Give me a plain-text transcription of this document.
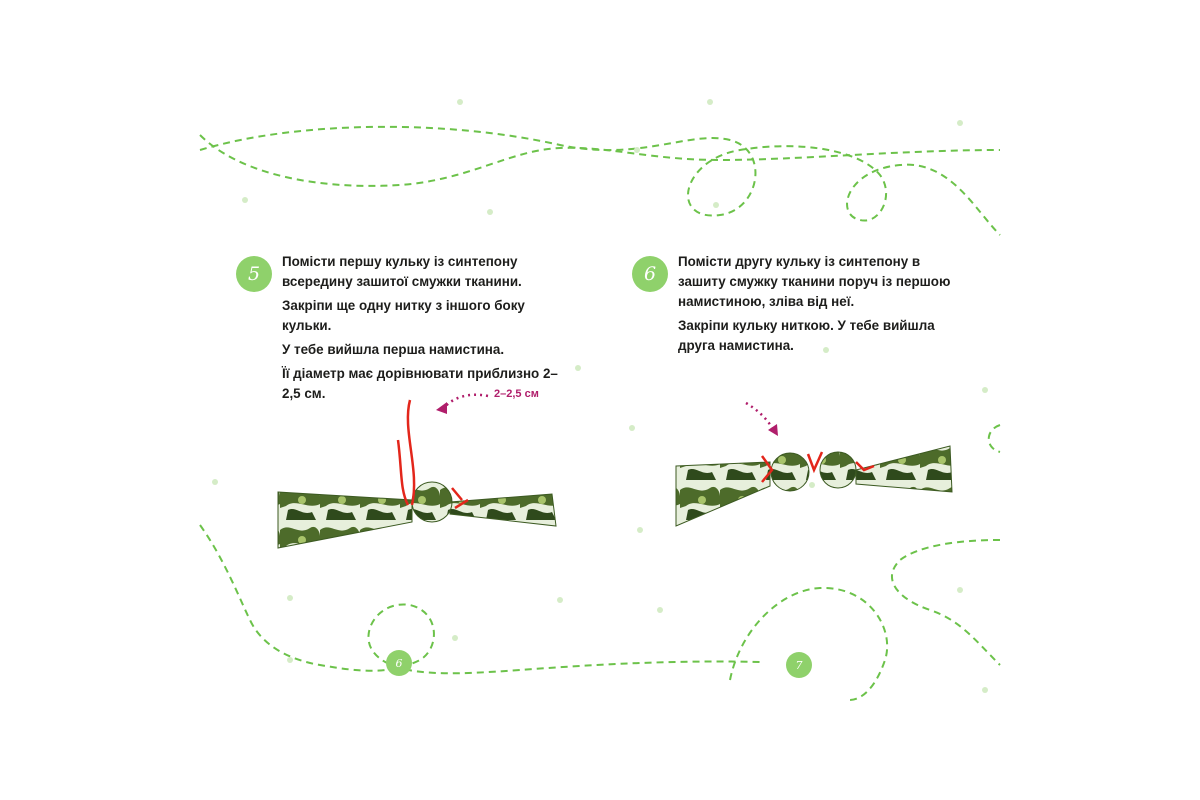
5

Помісти першу кульку із синтепону всередину зашитої смужки тканини.

Закріпи ще одну нитку з іншого боку кульки.

У тебе вийшла перша намистина.

Її діаметр має дорівнювати приблизно 2–2,5 см.	2–2,5 см
6
6

Помісти другу кульку із синтепону в зашиту смужку тканини поруч із першою намистиною, зліва від неї.

Закріпи кульку ниткою. У тебе вийшла друга намистина.

7
